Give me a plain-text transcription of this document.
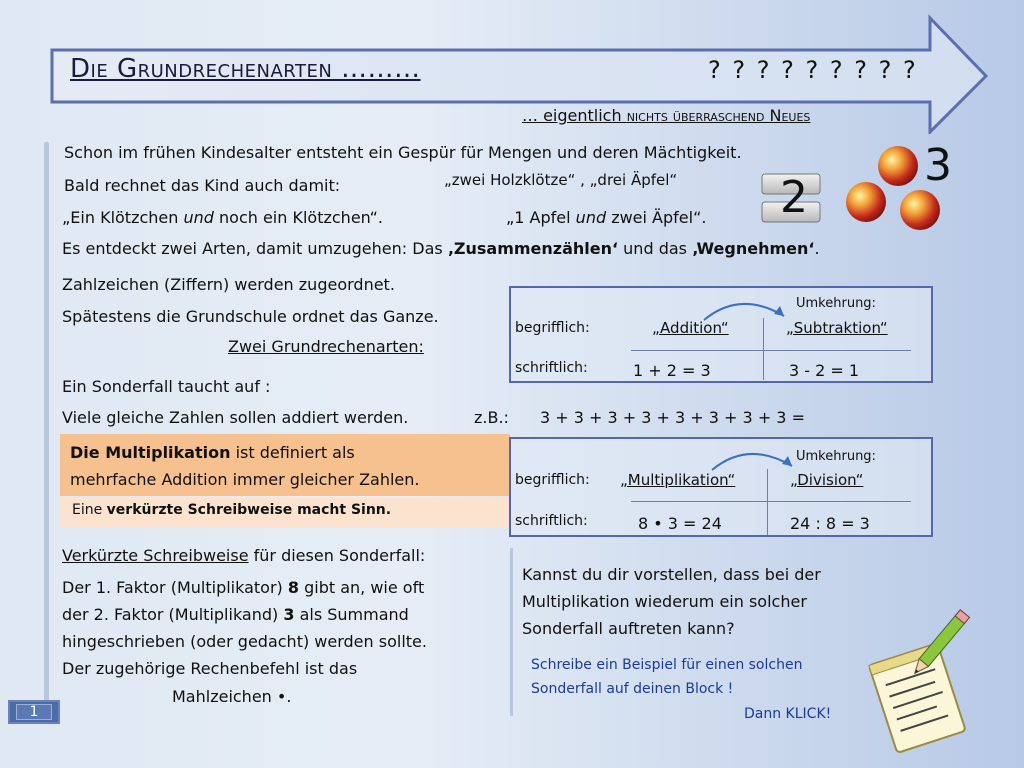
Die Grundrechenarten ………	? ? ? ? ? ? ? ? ?
… eigentlich nichts überraschend Neues
Schon im frühen Kindesalter entsteht ein Gespür für Mengen und deren Mächtigkeit.
Bald rechnet das Kind auch damit:	„zwei Holzklötze“ , „drei Äpfel“
„Ein Klötzchen und noch ein Klötzchen“.	„1 Apfel und zwei Äpfel“.
Es entdeckt zwei Arten, damit umzugehen: Das ‚Zusammenzählen‘ und das ‚Wegnehmen‘.
Zahlzeichen (Ziffern) werden zugeordnet.
Spätestens die Grundschule ordnet das Ganze.
Zwei Grundrechenarten:
2
3
Umkehrung:
begrifflich:	„Addition“	„Subtraktion“
schriftlich:	1 + 2 = 3	3 - 2 = 1
Ein Sonderfall taucht auf :
Viele gleiche Zahlen sollen addiert werden.	z.B.: 3 + 3 + 3 + 3 + 3 + 3 + 3 + 3 =
Die Multiplikation ist definiert als
mehrfache Addition immer gleicher Zahlen.
Eine verkürzte Schreibweise macht Sinn.
Umkehrung:
begrifflich: „Multiplikation“	„Division“
schriftlich:	8 • 3 = 24	24 : 8 = 3
Verkürzte Schreibweise für diesen Sonderfall:
Der 1. Faktor (Multiplikator) 8 gibt an, wie oft
der 2. Faktor (Multiplikand) 3 als Summand
hingeschrieben (oder gedacht) werden sollte.
Der zugehörige Rechenbefehl ist das
Mahlzeichen •.
Kannst du dir vorstellen, dass bei der
Multiplikation wiederum ein solcher
Sonderfall auftreten kann?
Schreibe ein Beispiel für einen solchen
Sonderfall auf deinen Block !
Dann KLICK!
1
